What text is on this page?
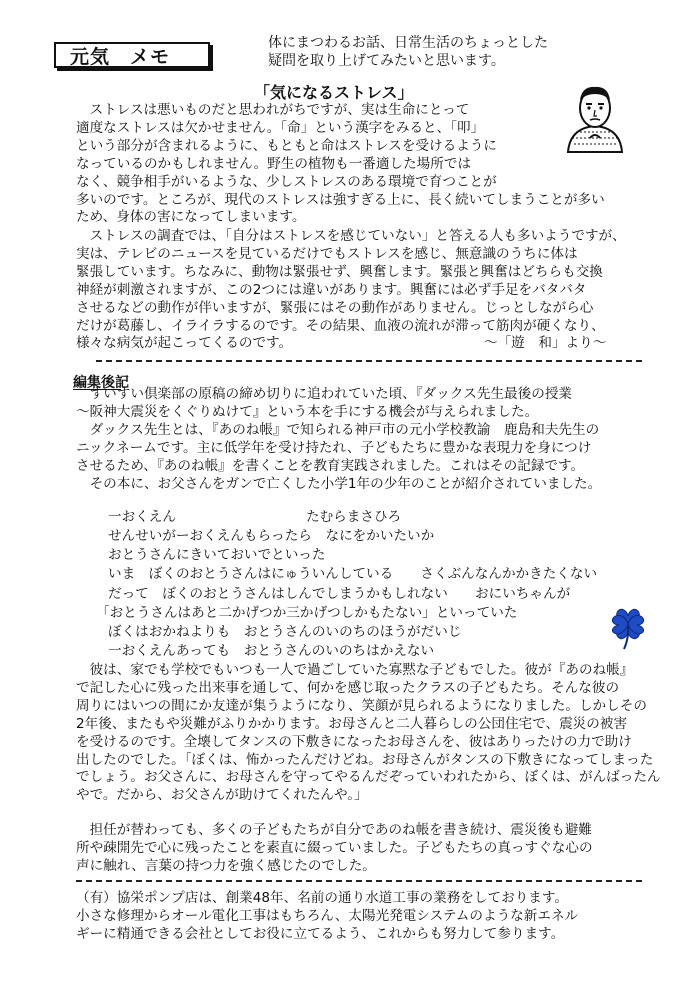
元気　メモ
体にまつわるお話、日常生活のちょっとした
疑問を取り上げてみたいと思います。
「気になるストレス」
　ストレスは悪いものだと思われがちですが、実は生命にとって
適度なストレスは欠かせません。「命」という漢字をみると、「叩」
という部分が含まれるように、もともと命はストレスを受けるように
なっているのかもしれません。野生の植物も一番適した場所では
なく、競争相手がいるような、少しストレスのある環境で育つことが
多いのです。ところが、現代のストレスは強すぎる上に、長く続いてしまうことが多い
ため、身体の害になってしまいます。
　ストレスの調査では、「自分はストレスを感じていない」と答える人も多いようですが、
実は、テレビのニュースを見ているだけでもストレスを感じ、無意識のうちに体は
緊張しています。ちなみに、動物は緊張せず、興奮します。緊張と興奮はどちらも交換
神経が刺激されますが、この2つには違いがあります。興奮には必ず手足をバタバタ
させるなどの動作が伴いますが、緊張にはその動作がありません。じっとしながら心
だけが葛藤し、イライラするのです。その結果、血液の流れが滞って筋肉が硬くなり、
様々な病気が起こってくるのです。	～「遊　和」より～
編集後記
　すいすい倶楽部の原稿の締め切りに追われていた頃、『ダックス先生最後の授業
～阪神大震災をくぐりぬけて』という本を手にする機会が与えられました。
　ダックス先生とは、『あのね帳』で知られる神戸市の元小学校教諭　鹿島和夫先生の
ニックネームです。主に低学年を受け持たれ、子どもたちに豊かな表現力を身につけ
させるため、『あのね帳』を書くことを教育実践されました。これはその記録です。
　その本に、お父さんをガンで亡くした小学1年の少年のことが紹介されていました。
一おくえん	たむらまさひろ
せんせいがーおくえんもらったら　なにをかいたいか
おとうさんにきいておいでといった
いま　ぼくのおとうさんはにゅういんしている　　さくぶんなんかかきたくない
だって　ぼくのおとうさんはしんでしまうかもしれない　　おにいちゃんが
「おとうさんはあと二かげつか三かげつしかもたない」といっていた
ぼくはおかねよりも　おとうさんのいのちのほうがだいじ
一おくえんあっても　おとうさんのいのちはかえない
　彼は、家でも学校でもいつも一人で過ごしていた寡黙な子どもでした。彼が『あのね帳』
で記した心に残った出来事を通して、何かを感じ取ったクラスの子どもたち。そんな彼の
周りにはいつの間にか友達が集うようになり、笑顔が見られるようになりました。しかしその
2年後、またもや災難がふりかかります。お母さんと二人暮らしの公団住宅で、震災の被害
を受けるのです。全壊してタンスの下敷きになったお母さんを、彼はありったけの力で助け
出したのでした。「ぼくは、怖かったんだけどね。お母さんがタンスの下敷きになってしまった
でしょう。お父さんに、お母さんを守ってやるんだぞっていわれたから、ぼくは、がんばったん
やで。だから、お父さんが助けてくれたんや。」
　担任が替わっても、多くの子どもたちが自分であのね帳を書き続け、震災後も避難
所や疎開先で心に残ったことを素直に綴っていました。子どもたちの真っすぐな心の
声に触れ、言葉の持つ力を強く感じたのでした。
（有）協栄ポンプ店は、創業48年、名前の通り水道工事の業務をしております。
小さな修理からオール電化工事はもちろん、太陽光発電システムのような新エネル
ギーに精通できる会社としてお役に立てるよう、これからも努力して参ります。
